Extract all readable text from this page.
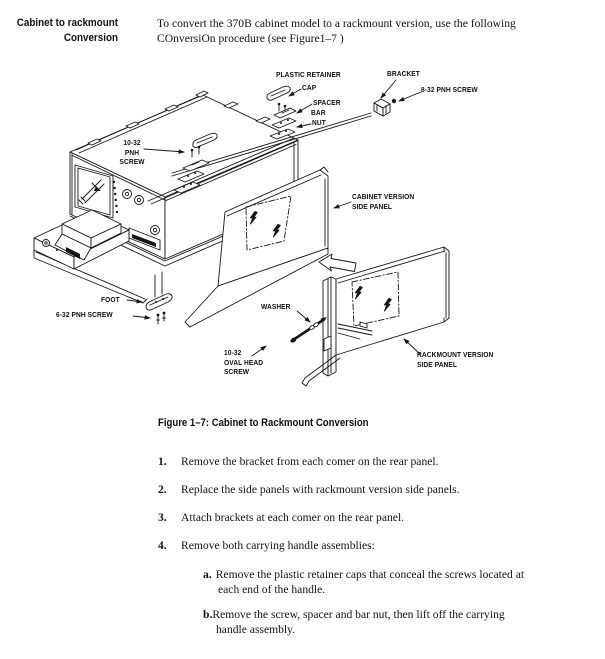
Cabinet to rackmount
Conversion
To convert the 370B cabinet model to a rackmount version, use the following
COnversiOn procedure (see Figure1–7 )
PLASTIC RETAINER
CAP
SPACER
BAR
NUT
BRACKET
8-32 PNH SCREW
10-32
PNH
SCREW
CABINET VERSION
SIDE PANEL
FOOT
6-32 PNH SCREW
WASHER
10-32
OVAL HEAD
SCREW
RACKMOUNT VERSION
SIDE PANEL
Figure 1–7: Cabinet to Rackmount Conversion
1.	Remove the bracket from each comer on the rear panel.
2.	Replace the side panels with rackmount version side panels.
3.	Attach brackets at each comer on the rear panel.
4.	Remove both carrying handle assemblies:
a. Remove the plastic retainer caps that conceal the screws located at
each end of the handle.
b.Remove the screw, spacer and bar nut, then lift off the carrying
handle assembly.
